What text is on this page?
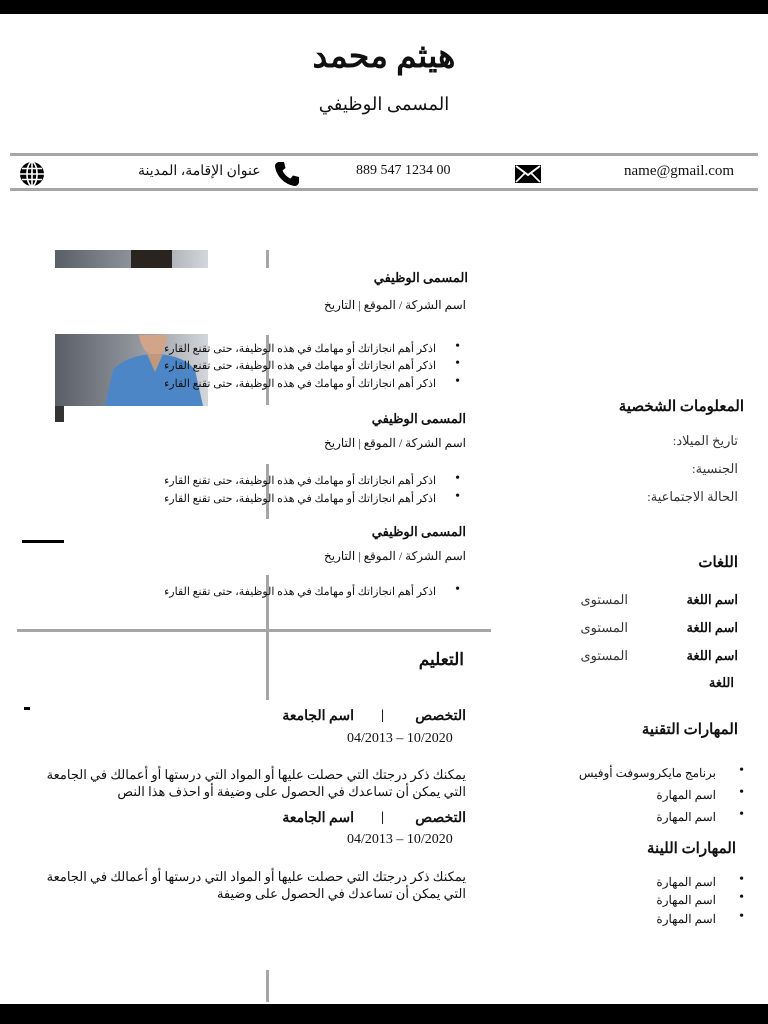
هيثم محمد
المسمى الوظيفي
عنوان الإقامة، المدينة	889 547 1234 00	name@gmail.com
المسمى الوظيفي
اسم الشركة / الموقع | التاريخ
اذكر أهم انجازاتك أو مهامك في هذه الوظيفة، حتى تقنع القارء •
اذكر أهم انجازاتك أو مهامك في هذه الوظيفة، حتى تقنع القارء •
اذكر أهم انجازاتك أو مهامك في هذه الوظيفة، حتى تقنع القارء •
المسمى الوظيفي
اسم الشركة / الموقع | التاريخ
اذكر أهم انجازاتك أو مهامك في هذه الوظيفة، حتى تقنع القارء •
اذكر أهم انجازاتك أو مهامك في هذه الوظيفة، حتى تقنع القارء •
المسمى الوظيفي
اسم الشركة / الموقع | التاريخ
اذكر أهم انجازاتك أو مهامك في هذه الوظيفة، حتى تقنع القارء •
التعليم
التخصص
|
اسم الجامعة
04/2013 – 10/2020
يمكنك ذكر درجتك التي حصلت عليها أو المواد التي درستها أو أعمالك في الجامعة التي يمكن أن تساعدك في الحصول على وضيفة أو احذف هذا النص
التخصص
|
اسم الجامعة
04/2013 – 10/2020
يمكنك ذكر درجتك التي حصلت عليها أو المواد التي درستها أو أعمالك في الجامعة التي يمكن أن تساعدك في الحصول على وضيفة
المعلومات الشخصية
تاريخ الميلاد:
الجنسية:
الحالة الاجتماعية:
اللغات
اسم اللغة
المستوى
اسم اللغة
المستوى
اسم اللغة
المستوى
اللغة
المهارات التقنية
برنامج مايكروسوفت أوفيس •
اسم المهارة •
اسم المهارة •
المهارات اللينة
اسم المهارة •
اسم المهارة •
اسم المهارة •
